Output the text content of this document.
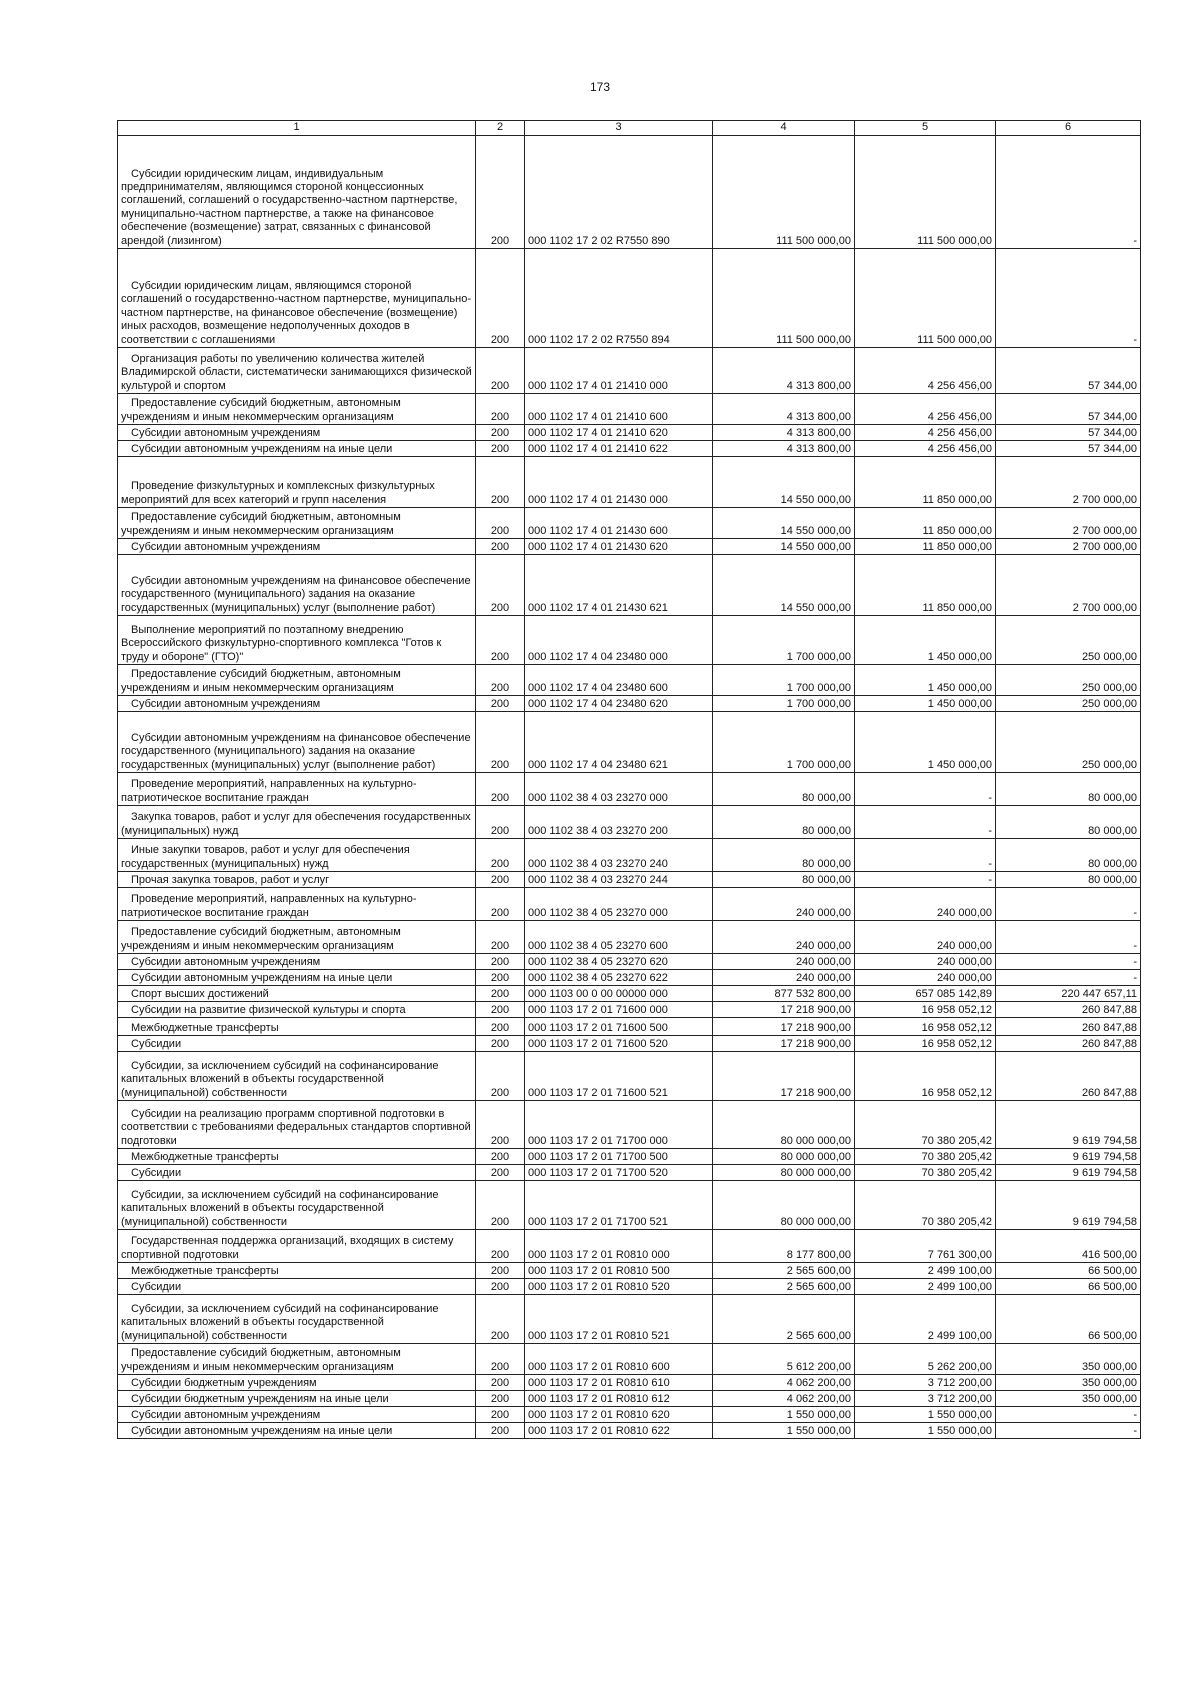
173
1	2	3	4	5	6

Субсидии юридическим лицам, индивидуальным предпринимателям, являющимся стороной концессионных соглашений, соглашений о государственно-частном партнерстве, муниципально-частном партнерстве, а также на финансовое обеспечение (возмещение) затрат, связанных с финансовой арендой (лизингом)	200	000 1102 17 2 02 R7550 890	111 500 000,00	111 500 000,00	-

Субсидии юридическим лицам, являющимся стороной соглашений о государственно-частном партнерстве, муниципально-частном партнерстве, на финансовое обеспечение (возмещение) иных расходов, возмещение недополученных доходов в соответствии с соглашениями	200	000 1102 17 2 02 R7550 894	111 500 000,00	111 500 000,00	-

Организация работы по увеличению количества жителей Владимирской области, систематически занимающихся физической культурой и спортом	200	000 1102 17 4 01 21410 000	4 313 800,00	4 256 456,00	57 344,00

Предоставление субсидий бюджетным, автономным учреждениям и иным некоммерческим организациям	200	000 1102 17 4 01 21410 600	4 313 800,00	4 256 456,00	57 344,00

Субсидии автономным учреждениям	200	000 1102 17 4 01 21410 620	4 313 800,00	4 256 456,00	57 344,00

Субсидии автономным учреждениям на иные цели	200	000 1102 17 4 01 21410 622	4 313 800,00	4 256 456,00	57 344,00

Проведение физкультурных и комплексных физкультурных мероприятий для всех категорий и групп населения	200	000 1102 17 4 01 21430 000	14 550 000,00	11 850 000,00	2 700 000,00

Предоставление субсидий бюджетным, автономным учреждениям и иным некоммерческим организациям	200	000 1102 17 4 01 21430 600	14 550 000,00	11 850 000,00	2 700 000,00

Субсидии автономным учреждениям	200	000 1102 17 4 01 21430 620	14 550 000,00	11 850 000,00	2 700 000,00

Субсидии автономным учреждениям на финансовое обеспечение государственного (муниципального) задания на оказание государственных (муниципальных) услуг (выполнение работ)	200	000 1102 17 4 01 21430 621	14 550 000,00	11 850 000,00	2 700 000,00

Выполнение мероприятий по поэтапному внедрению Всероссийского физкультурно-спортивного комплекса "Готов к труду и обороне" (ГТО)"	200	000 1102 17 4 04 23480 000	1 700 000,00	1 450 000,00	250 000,00

Предоставление субсидий бюджетным, автономным учреждениям и иным некоммерческим организациям	200	000 1102 17 4 04 23480 600	1 700 000,00	1 450 000,00	250 000,00

Субсидии автономным учреждениям	200	000 1102 17 4 04 23480 620	1 700 000,00	1 450 000,00	250 000,00

Субсидии автономным учреждениям на финансовое обеспечение государственного (муниципального) задания на оказание государственных (муниципальных) услуг (выполнение работ)	200	000 1102 17 4 04 23480 621	1 700 000,00	1 450 000,00	250 000,00

Проведение мероприятий, направленных на культурно-патриотическое воспитание граждан	200	000 1102 38 4 03 23270 000	80 000,00	-	80 000,00

Закупка товаров, работ и услуг для обеспечения государственных (муниципальных) нужд	200	000 1102 38 4 03 23270 200	80 000,00	-	80 000,00

Иные закупки товаров, работ и услуг для обеспечения государственных (муниципальных) нужд	200	000 1102 38 4 03 23270 240	80 000,00	-	80 000,00

Прочая закупка товаров, работ и услуг	200	000 1102 38 4 03 23270 244	80 000,00	-	80 000,00

Проведение мероприятий, направленных на культурно-патриотическое воспитание граждан	200	000 1102 38 4 05 23270 000	240 000,00	240 000,00	-

Предоставление субсидий бюджетным, автономным учреждениям и иным некоммерческим организациям	200	000 1102 38 4 05 23270 600	240 000,00	240 000,00	-

Субсидии автономным учреждениям	200	000 1102 38 4 05 23270 620	240 000,00	240 000,00	-

Субсидии автономным учреждениям на иные цели	200	000 1102 38 4 05 23270 622	240 000,00	240 000,00	-

Спорт высших достижений	200	000 1103 00 0 00 00000 000	877 532 800,00	657 085 142,89	220 447 657,11

Субсидии на развитие физической культуры и спорта	200	000 1103 17 2 01 71600 000	17 218 900,00	16 958 052,12	260 847,88

Межбюджетные трансферты	200	000 1103 17 2 01 71600 500	17 218 900,00	16 958 052,12	260 847,88

Субсидии	200	000 1103 17 2 01 71600 520	17 218 900,00	16 958 052,12	260 847,88

Субсидии, за исключением субсидий на софинансирование капитальных вложений в объекты государственной (муниципальной) собственности	200	000 1103 17 2 01 71600 521	17 218 900,00	16 958 052,12	260 847,88

Субсидии на реализацию программ спортивной подготовки в соответствии с требованиями федеральных стандартов спортивной подготовки	200	000 1103 17 2 01 71700 000	80 000 000,00	70 380 205,42	9 619 794,58

Межбюджетные трансферты	200	000 1103 17 2 01 71700 500	80 000 000,00	70 380 205,42	9 619 794,58

Субсидии	200	000 1103 17 2 01 71700 520	80 000 000,00	70 380 205,42	9 619 794,58

Субсидии, за исключением субсидий на софинансирование капитальных вложений в объекты государственной (муниципальной) собственности	200	000 1103 17 2 01 71700 521	80 000 000,00	70 380 205,42	9 619 794,58

Государственная поддержка организаций, входящих в систему спортивной подготовки	200	000 1103 17 2 01 R0810 000	8 177 800,00	7 761 300,00	416 500,00

Межбюджетные трансферты	200	000 1103 17 2 01 R0810 500	2 565 600,00	2 499 100,00	66 500,00

Субсидии	200	000 1103 17 2 01 R0810 520	2 565 600,00	2 499 100,00	66 500,00

Субсидии, за исключением субсидий на софинансирование капитальных вложений в объекты государственной (муниципальной) собственности	200	000 1103 17 2 01 R0810 521	2 565 600,00	2 499 100,00	66 500,00

Предоставление субсидий бюджетным, автономным учреждениям и иным некоммерческим организациям	200	000 1103 17 2 01 R0810 600	5 612 200,00	5 262 200,00	350 000,00

Субсидии бюджетным учреждениям	200	000 1103 17 2 01 R0810 610	4 062 200,00	3 712 200,00	350 000,00

Субсидии бюджетным учреждениям на иные цели	200	000 1103 17 2 01 R0810 612	4 062 200,00	3 712 200,00	350 000,00

Субсидии автономным учреждениям	200	000 1103 17 2 01 R0810 620	1 550 000,00	1 550 000,00	-

Субсидии автономным учреждениям на иные цели	200	000 1103 17 2 01 R0810 622	1 550 000,00	1 550 000,00	-
